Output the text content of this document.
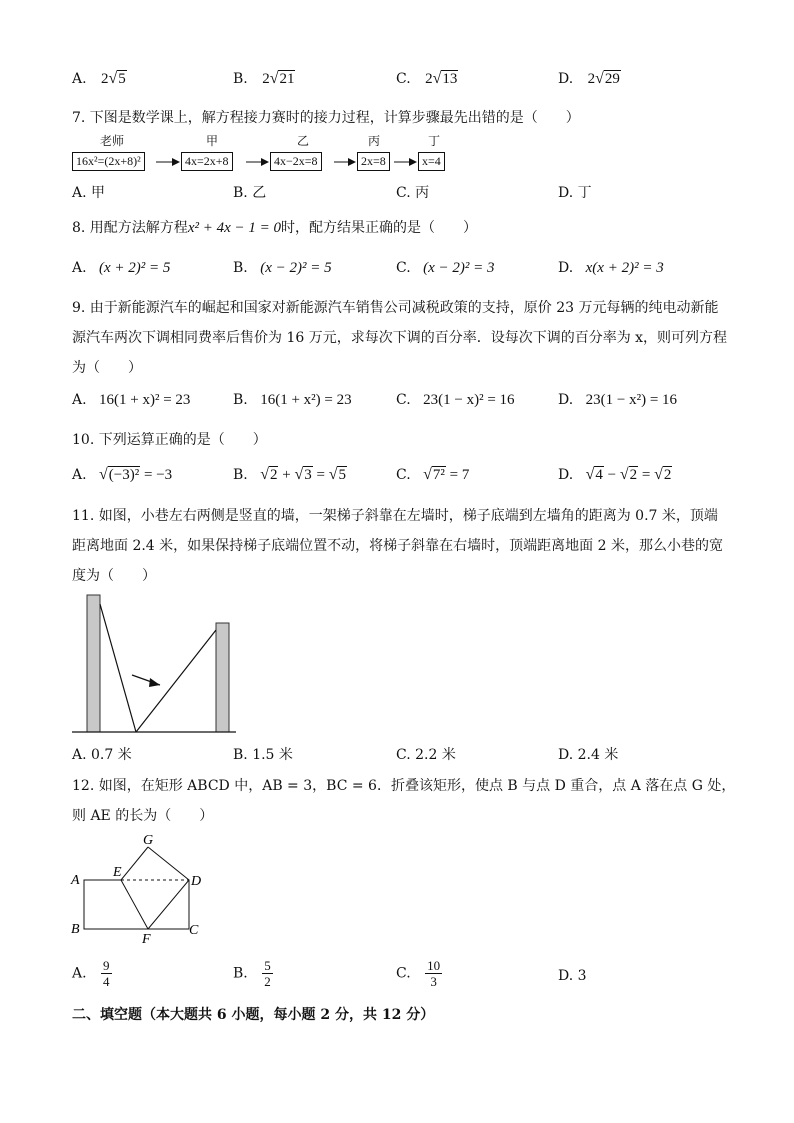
A. 2√5	B. 2√21	C. 2√13	D. 2√29
7. 下图是数学课上，解方程接力赛时的接力过程，计算步骤最先出错的是（　　）
老师	甲	乙	丙	丁
16x²=(2x+8)²	4x=2x+8	4x−2x=8	2x=8	x=4
A. 甲	B. 乙	C. 丙	D. 丁
8. 用配方法解方程x² + 4x − 1 = 0时，配方结果正确的是（　　）
A. (x + 2)² = 5	B. (x − 2)² = 5	C. (x − 2)² = 3	D. x(x + 2)² = 3
9. 由于新能源汽车的崛起和国家对新能源汽车销售公司减税政策的支持，原价 23 万元每辆的纯电动新能
源汽车两次下调相同费率后售价为 16 万元，求每次下调的百分率．设每次下调的百分率为 x，则可列方程
为（　　）
A. 16(1 + x)² = 23	B. 16(1 + x²) = 23	C. 23(1 − x)² = 16	D. 23(1 − x²) = 16
10. 下列运算正确的是（　　）
A. √(−3)² = −3	B. √2 + √3 = √5	C. √7² = 7	D. √4 − √2 = √2
11. 如图，小巷左右两侧是竖直的墙，一架梯子斜靠在左墙时，梯子底端到左墙角的距离为 0.7 米，顶端
距离地面 2.4 米，如果保持梯子底端位置不动，将梯子斜靠在右墙时，顶端距离地面 2 米，那么小巷的宽
度为（　　）
A. 0.7 米	B. 1.5 米	C. 2.2 米	D. 2.4 米
12. 如图，在矩形 ABCD 中，AB = 3，BC = 6．折叠该矩形，使点 B 与点 D 重合，点 A 落在点 G 处，
则 AE 的长为（　　）
G
E
A	D
B
F
C
A. $\frac{9}{4}$	B. $\frac{5}{2}$	C. $\frac{10}{3}$	D. 3
二、填空题（本大题共 6 小题，每小题 2 分，共 12 分）
